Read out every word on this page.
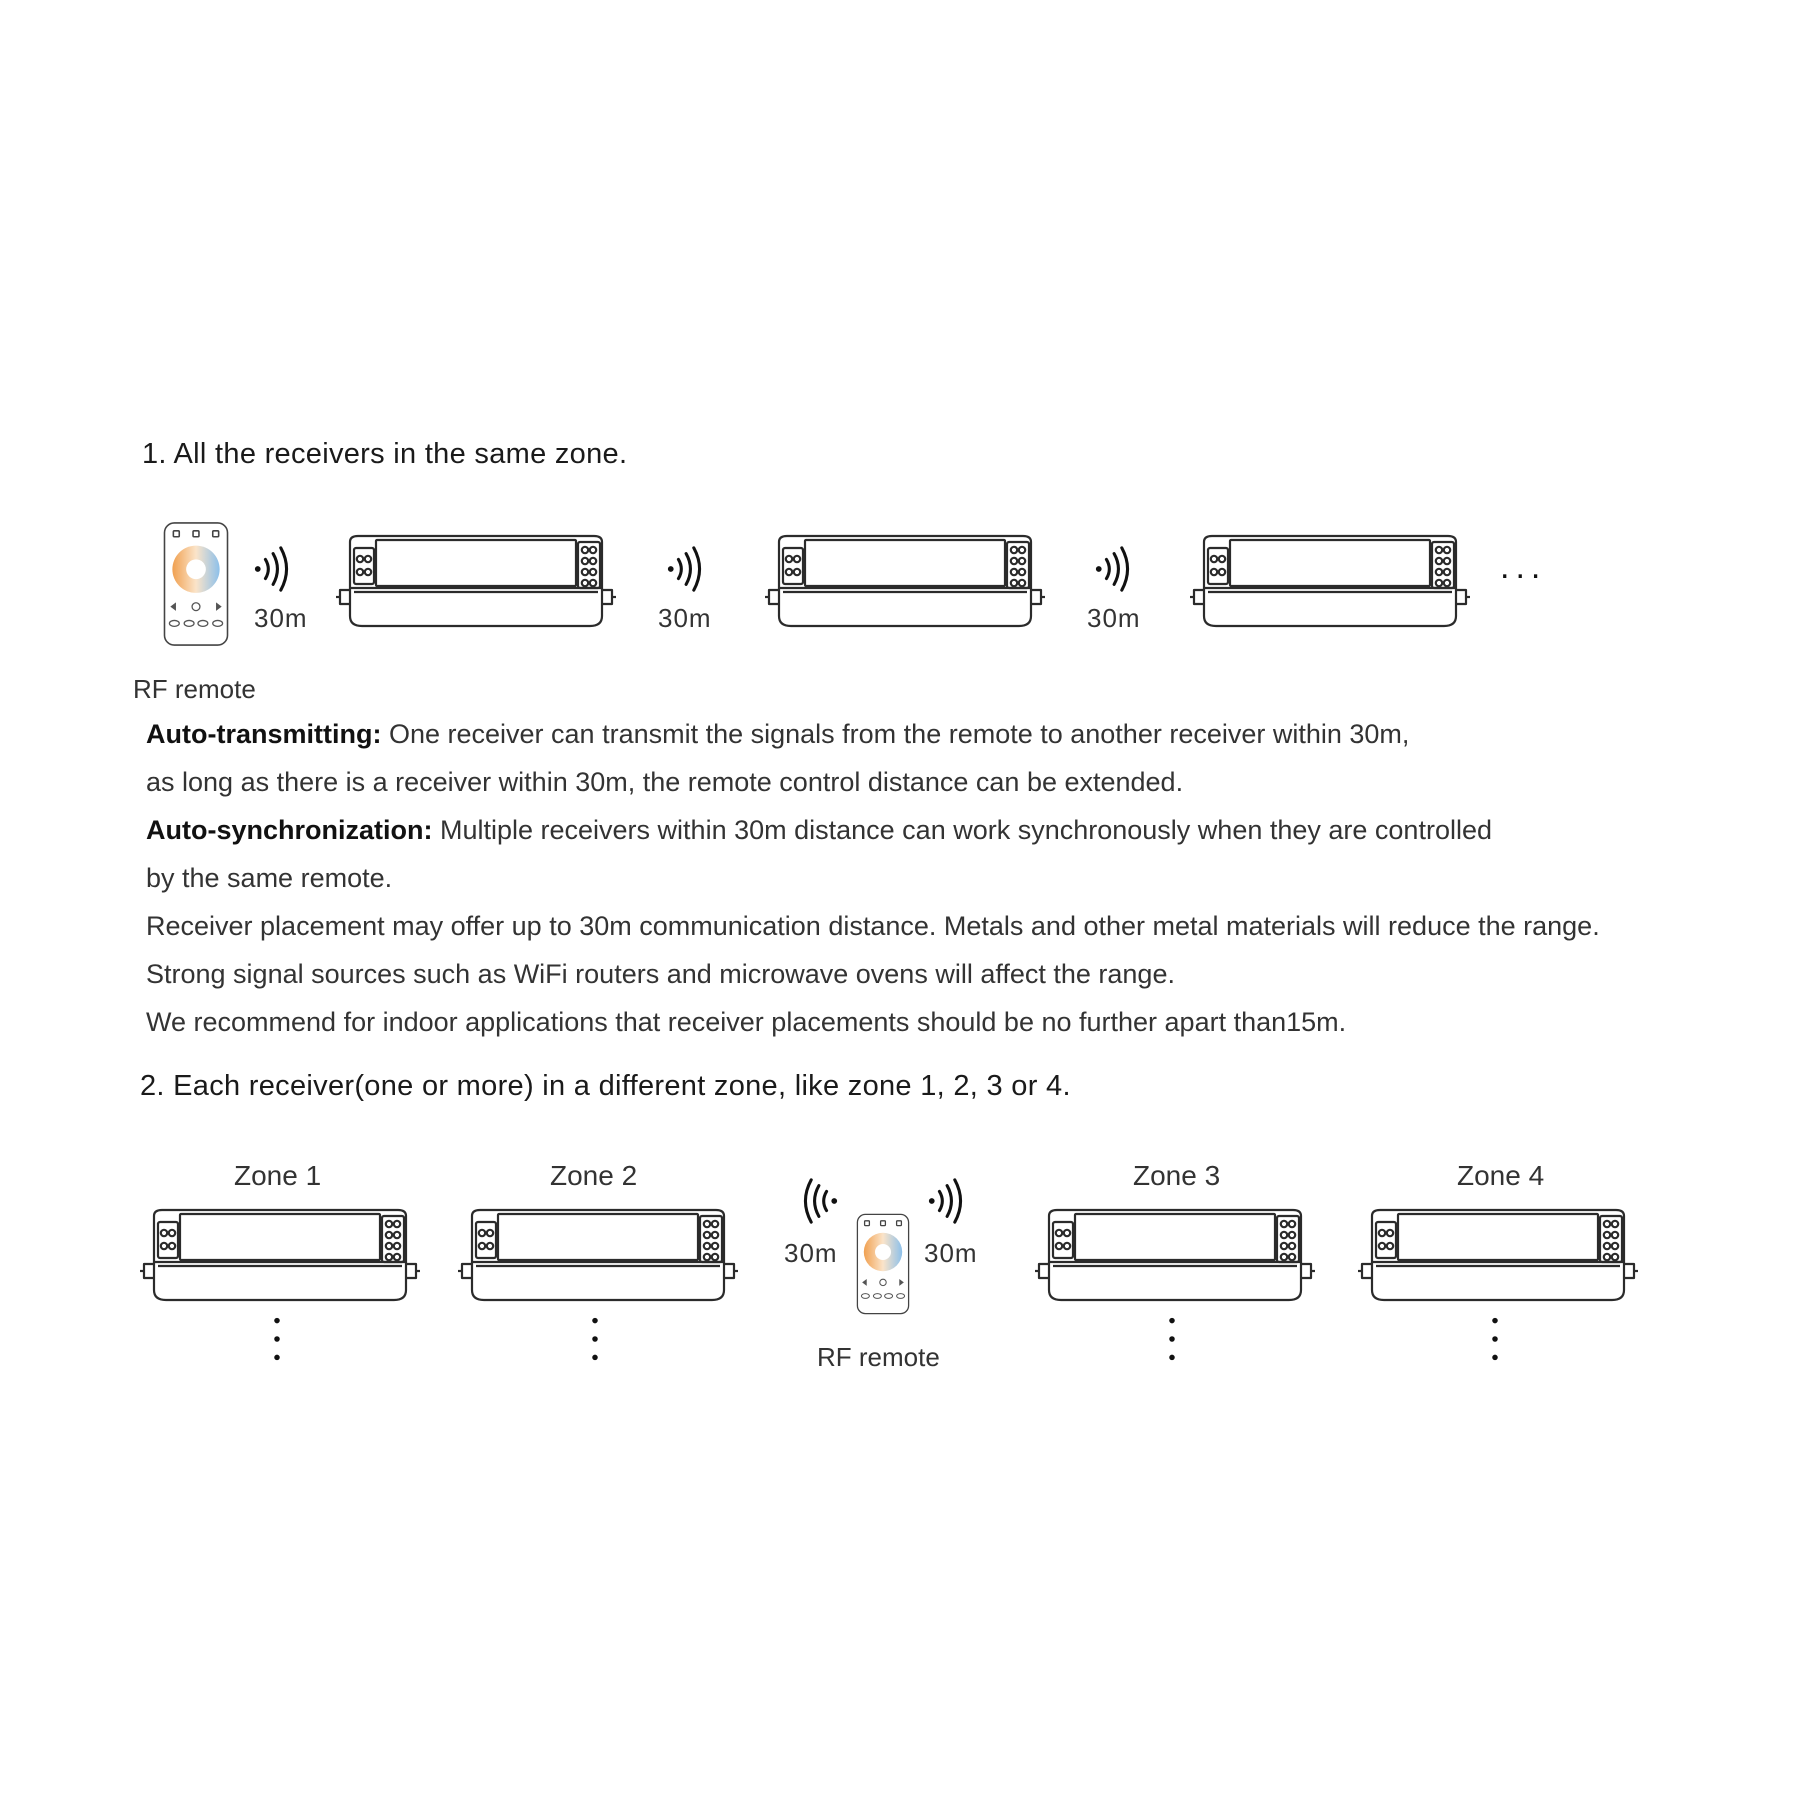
1. All the receivers in the same zone.
30m	30m	30m
...
RF remote
Auto-transmitting: One receiver can transmit the signals from the remote to another receiver within 30m,
as long as there is a receiver within 30m, the remote control distance can be extended.
Auto-synchronization: Multiple receivers within 30m distance can work synchronously when they are controlled
by the same remote.
Receiver placement may offer up to 30m communication distance. Metals and other metal materials will reduce the range.
Strong signal sources such as WiFi routers and microwave ovens will affect the range.
We recommend for indoor applications that receiver placements should be no further apart than15m.
2. Each receiver(one or more) in a different zone, like zone 1, 2, 3 or 4.
Zone 1	Zone 2	Zone 3	Zone 4
30m	30m
RF remote
